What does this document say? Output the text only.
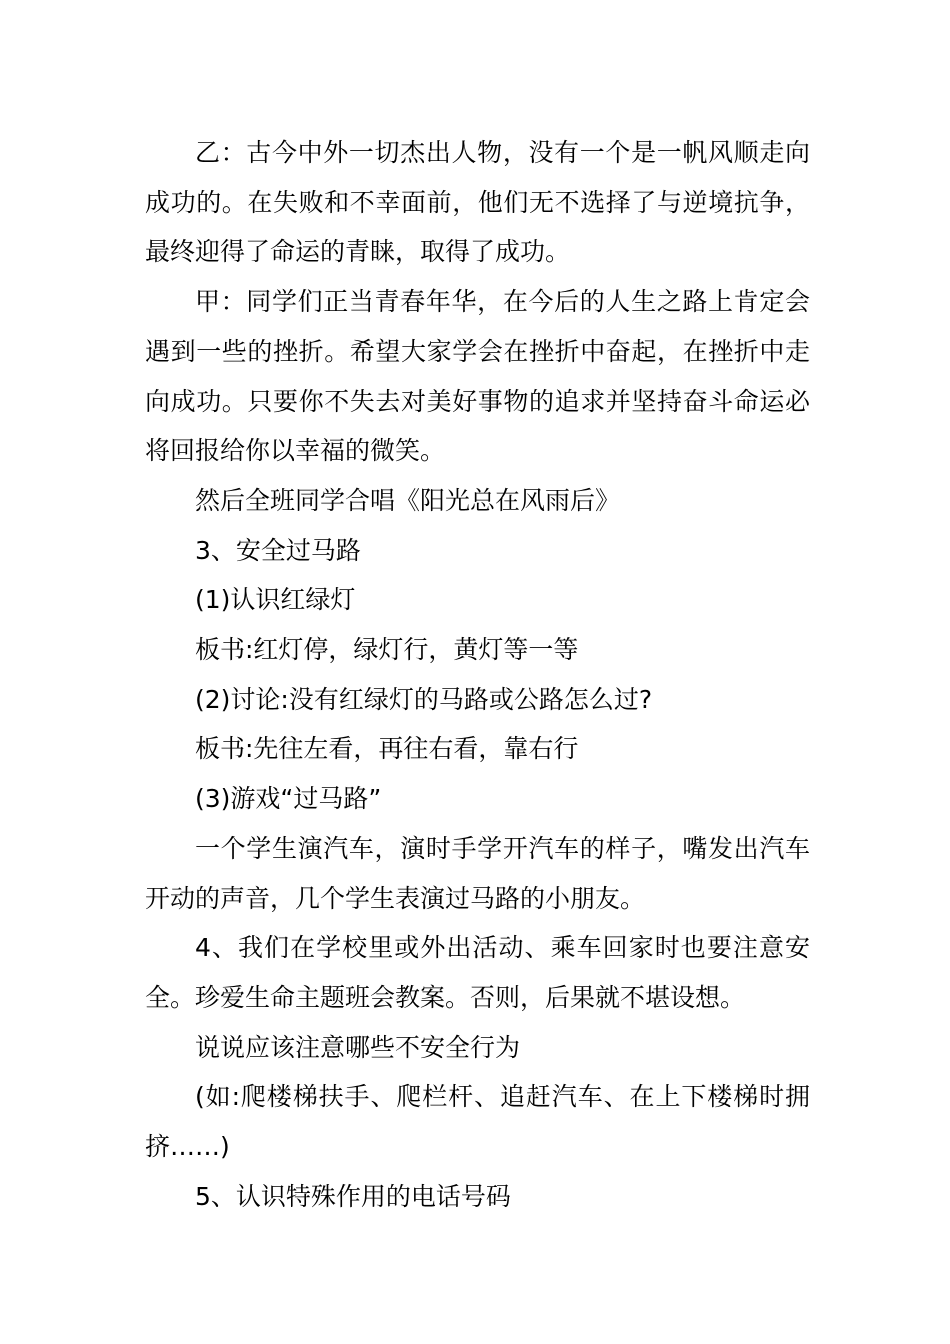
乙：古今中外一切杰出人物，没有一个是一帆风顺走向成功的。在失败和不幸面前，他们无不选择了与逆境抗争，最终迎得了命运的青睐，取得了成功。

甲：同学们正当青春年华，在今后的人生之路上肯定会遇到一些的挫折。希望大家学会在挫折中奋起，在挫折中走向成功。只要你不失去对美好事物的追求并坚持奋斗命运必将回报给你以幸福的微笑。

然后全班同学合唱《阳光总在风雨后》

3、安全过马路

(1)认识红绿灯

板书:红灯停，绿灯行，黄灯等一等

(2)讨论:没有红绿灯的马路或公路怎么过?

板书:先往左看，再往右看，靠右行

(3)游戏“过马路”

一个学生演汽车，演时手学开汽车的样子，嘴发出汽车开动的声音，几个学生表演过马路的小朋友。

4、我们在学校里或外出活动、乘车回家时也要注意安全。珍爱生命主题班会教案。否则，后果就不堪设想。

说说应该注意哪些不安全行为

(如:爬楼梯扶手、爬栏杆、追赶汽车、在上下楼梯时拥挤……)

5、认识特殊作用的电话号码
